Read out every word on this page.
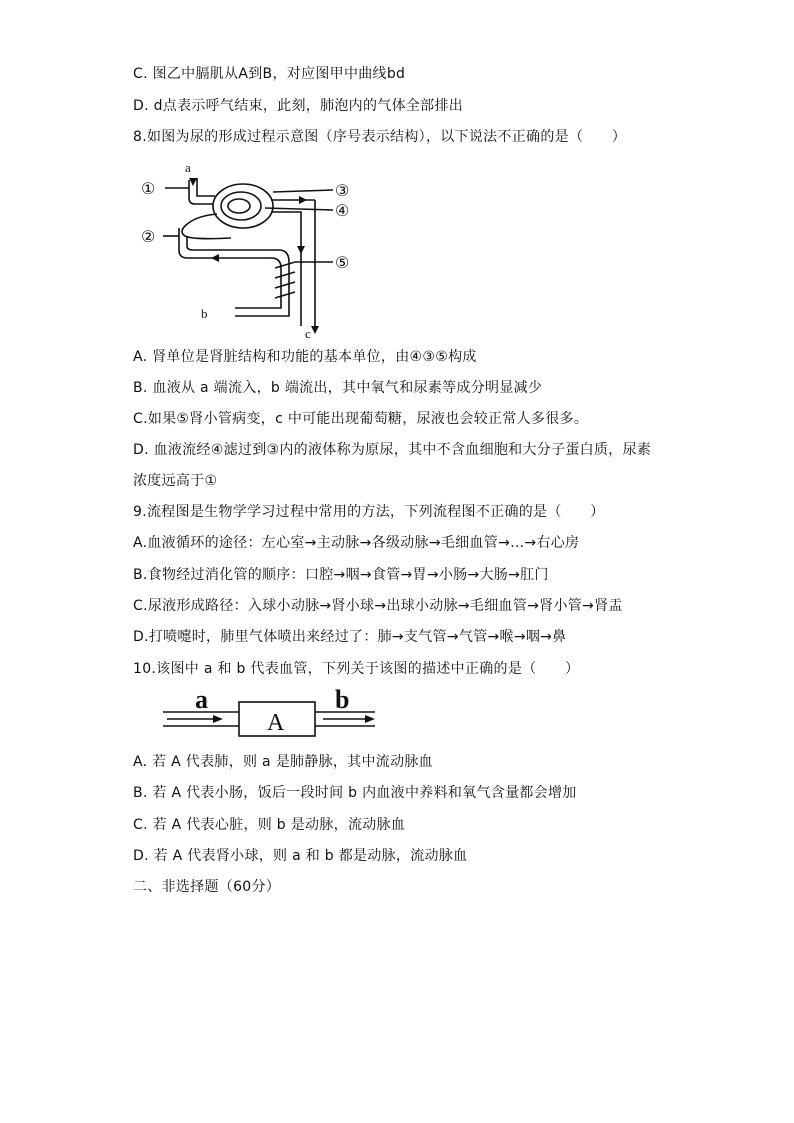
C. 图乙中膈肌从A到B，对应图甲中曲线bd
D. d点表示呼气结束，此刻，肺泡内的气体全部排出
8.如图为尿的形成过程示意图（序号表示结构），以下说法不正确的是（　　）
a
b
c
①
②
③
④
⑤
A. 肾单位是肾脏结构和功能的基本单位，由④③⑤构成
B. 血液从 a 端流入，b 端流出，其中氧气和尿素等成分明显减少
C.如果⑤肾小管病变，c 中可能出现葡萄糖，尿液也会较正常人多很多。
D. 血液流经④滤过到③内的液体称为原尿，其中不含血细胞和大分子蛋白质，尿素
浓度远高于①
9.流程图是生物学学习过程中常用的方法，下列流程图不正确的是（　　）
A.血液循环的途径：左心室→主动脉→各级动脉→毛细血管→…→右心房
B.食物经过消化管的顺序：口腔→咽→食管→胃→小肠→大肠→肛门
C.尿液形成路径：入球小动脉→肾小球→出球小动脉→毛细血管→肾小管→肾盂
D.打喷嚏时，肺里气体喷出来经过了：肺→支气管→气管→喉→咽→鼻
10.该图中 a 和 b 代表血管，下列关于该图的描述中正确的是（　　）
a
A
b
A. 若 A 代表肺，则 a 是肺静脉，其中流动脉血
B. 若 A 代表小肠，饭后一段时间 b 内血液中养料和氧气含量都会增加
C. 若 A 代表心脏，则 b 是动脉，流动脉血
D. 若 A 代表肾小球，则 a 和 b 都是动脉，流动脉血
二、非选择题（60分）
